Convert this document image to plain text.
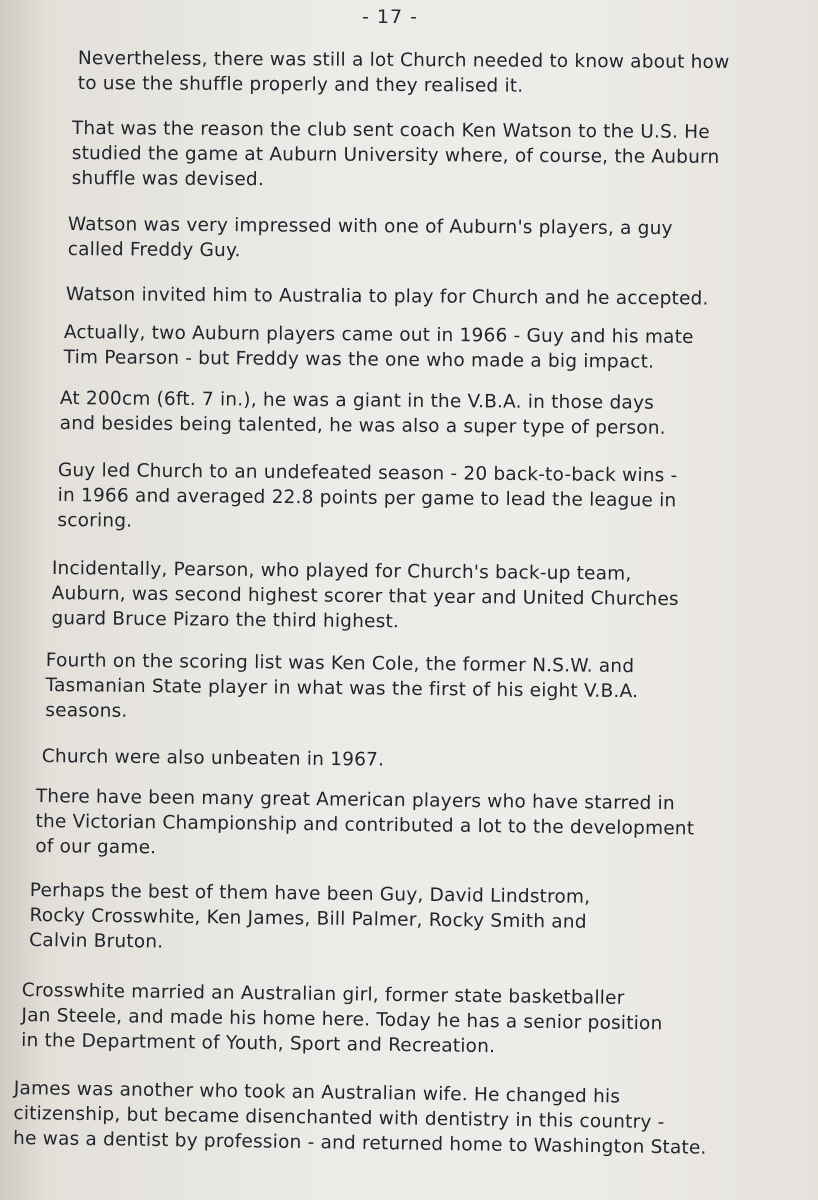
- 17 -
Nevertheless, there was still a lot Church needed to know about how
to use the shuffle properly and they realised it.
That was the reason the club sent coach Ken Watson to the U.S. He
studied the game at Auburn University where, of course, the Auburn
shuffle was devised.
Watson was very impressed with one of Auburn's players, a guy
called Freddy Guy.
Watson invited him to Australia to play for Church and he accepted.
Actually, two Auburn players came out in 1966 - Guy and his mate
Tim Pearson - but Freddy was the one who made a big impact.
At 200cm (6ft. 7 in.), he was a giant in the V.B.A. in those days
and besides being talented, he was also a super type of person.
Guy led Church to an undefeated season - 20 back-to-back wins -
in 1966 and averaged 22.8 points per game to lead the league in
scoring.
Incidentally, Pearson, who played for Church's back-up team,
Auburn, was second highest scorer that year and United Churches
guard Bruce Pizaro the third highest.
Fourth on the scoring list was Ken Cole, the former N.S.W. and
Tasmanian State player in what was the first of his eight V.B.A.
seasons.
Church were also unbeaten in 1967.
There have been many great American players who have starred in
the Victorian Championship and contributed a lot to the development
of our game.
Perhaps the best of them have been Guy, David Lindstrom,
Rocky Crosswhite, Ken James, Bill Palmer, Rocky Smith and
Calvin Bruton.
Crosswhite married an Australian girl, former state basketballer
Jan Steele, and made his home here. Today he has a senior position
in the Department of Youth, Sport and Recreation.
James was another who took an Australian wife. He changed his
citizenship, but became disenchanted with dentistry in this country -
he was a dentist by profession - and returned home to Washington State.
